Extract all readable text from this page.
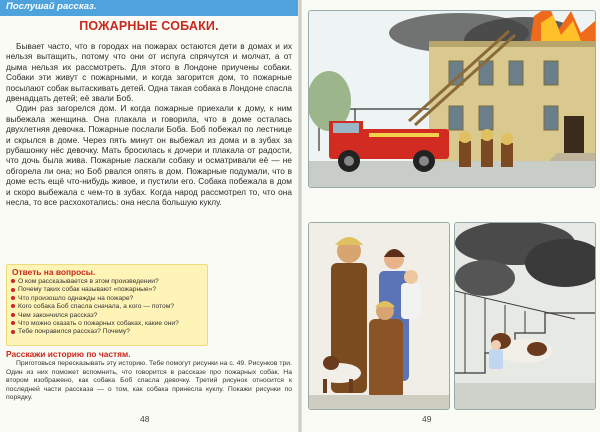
Послушай рассказ.
ПОЖАРНЫЕ СОБАКИ.

Бывает часто, что в городах на пожарах остаются дети в домах и их нельзя вытащить, потому что они от испуга спрячутся и молчат, а от дыма нельзя их рассмотреть. Для этого в Лондоне приучены собаки. Собаки эти живут с пожарными, и когда загорится дом, то пожарные посылают собак вытаскивать детей. Одна такая собака в Лондоне спасла двенадцать детей; её звали Боб.

Один раз загорелся дом. И когда пожарные приехали к дому, к ним выбежала женщина. Она плакала и говорила, что в доме осталась двухлетняя девочка. Пожарные послали Боба. Боб побежал по лестнице и скрылся в доме. Через пять минут он выбежал из дома и в зубах за рубашонку нёс девочку. Мать бросилась к дочери и плакала от радости, что дочь была жива. Пожарные ласкали собаку и осматривали её — не обгорела ли она; но Боб рвался опять в дом. Пожарные подумали, что в доме есть ещё что-нибудь живое, и пустили его. Собака побежала в дом и скоро выбежала с чем-то в зубах. Когда народ рассмотрел то, что она несла, то все расхохотались: она несла большую куклу.

Ответь на вопросы.
О ком рассказывается в этом произведении?
Почему таких собак называют «пожарные»?
Что произошло однажды на пожаре?
Кого собака Боб спасла сначала, а кого — потом?
Чем закончился рассказ?
Что можно сказать о пожарных собаках, какие они?
Тебе понравился рассказ? Почему?
Расскажи историю по частям.

Приготовься пересказывать эту историю. Тебе помогут рисунки на с. 49. Рисунков три. Один из них поможет вспомнить, что говорится в рассказе про пожарных собак. На втором изображено, как собака Боб спасла девочку. Третий рисунок относится к последней части рассказа — о том, как собака принесла куклу. Покажи рисунки по порядку.

48	49
